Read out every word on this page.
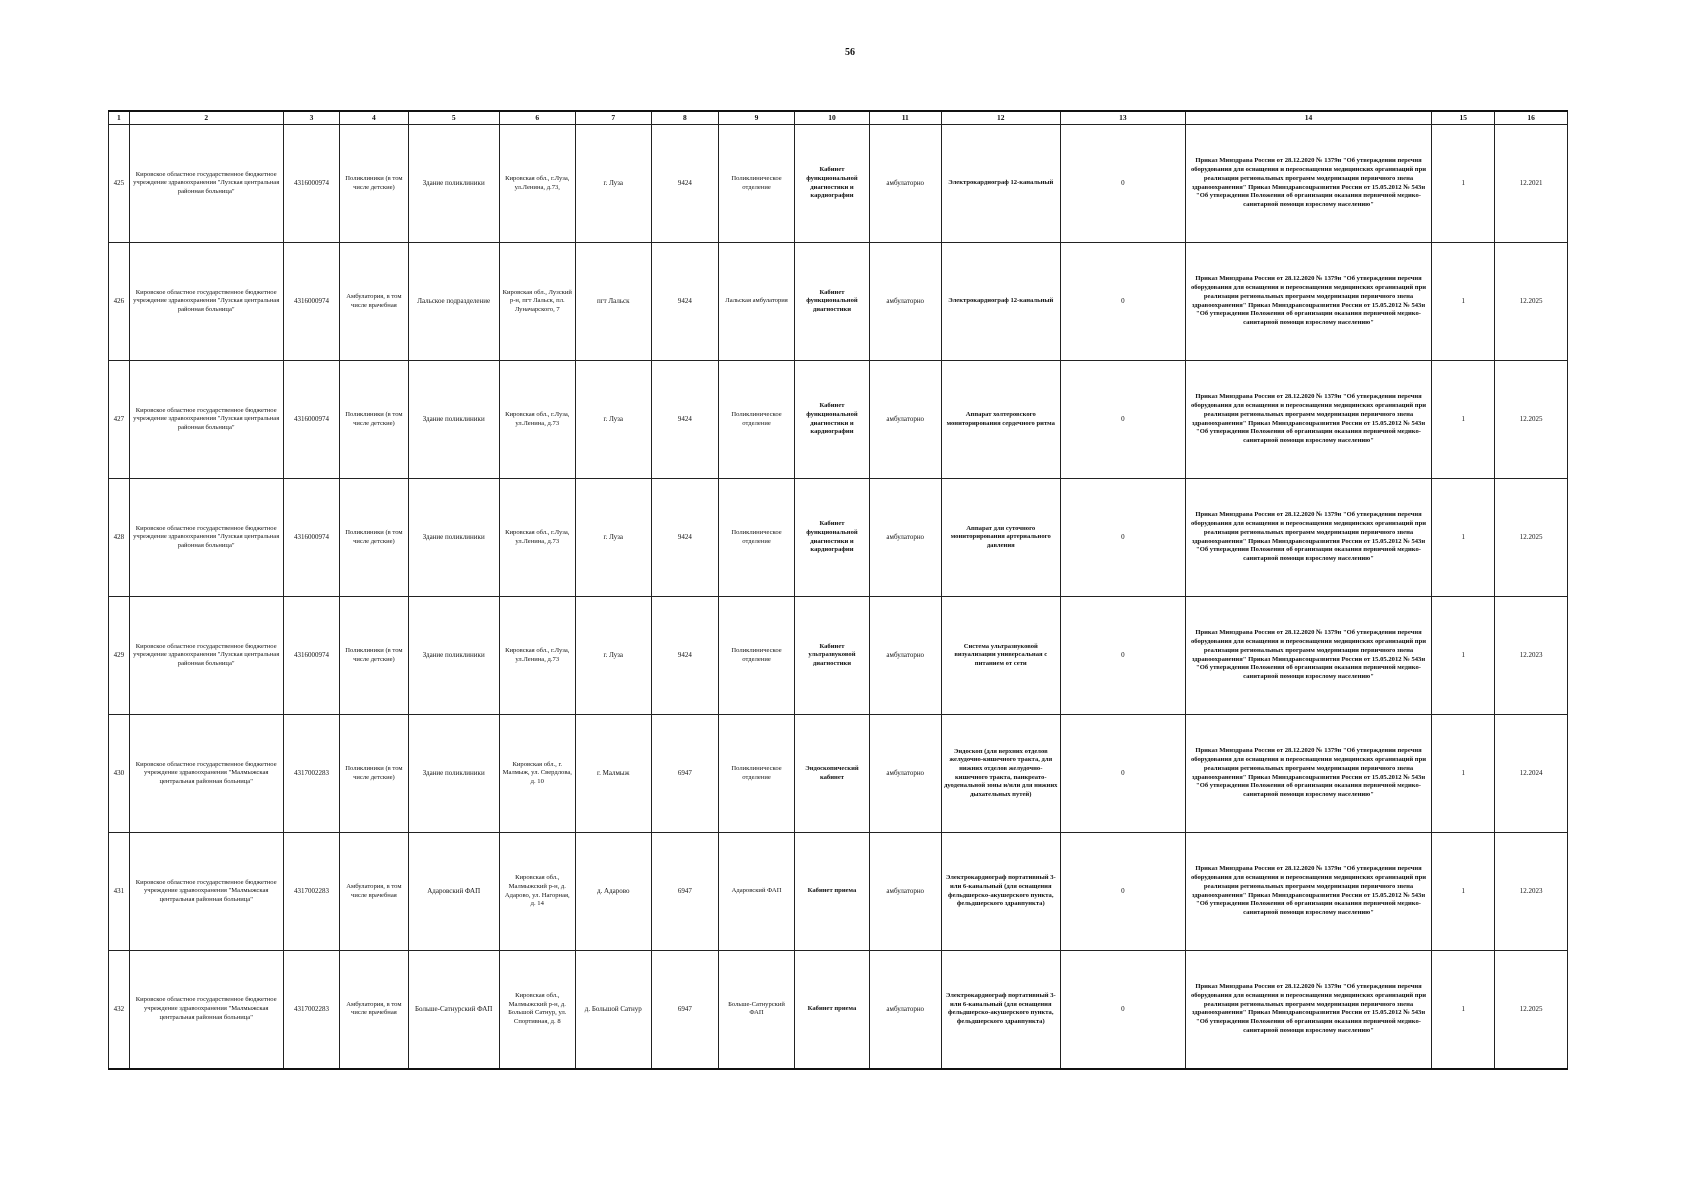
56
1	2	3	4	5	6	7	8	9	10	11	12	13	14	15	16
425	Кировское областное государственное бюджетное учреждение здравоохранения "Лузская центральная районная больница"	4316000974	Поликлиники (в том числе детские)	Здание поликлиники	Кировская обл., г.Луза, ул.Ленина, д.73,	г. Луза	9424	Поликлиническое отделение	Кабинет функциональной диагностики и кардиографии	амбулаторно	Электрокардиограф 12-канальный	0	Приказ Минздрава России от 28.12.2020 № 1379н "Об утверждении перечня оборудования для оснащения и переоснащения медицинских организаций при реализации региональных программ модернизации первичного звена здравоохранения" Приказ Минздравсоцразвития России от 15.05.2012 № 543н "Об утверждении Положения об организации оказания первичной медико-санитарной помощи взрослому населению"	1	12.2021
426	Кировское областное государственное бюджетное учреждение здравоохранения "Лузская центральная районная больница"	4316000974	Амбулатория, в том числе врачебная	Лальское подразделение	Кировская обл., Лузский р-н, пгт Лальск, пл. Луначарского, 7	пгт Лальск	9424	Лальская амбулатория	Кабинет функциональной диагностики	амбулаторно	Электрокардиограф 12-канальный	0	Приказ Минздрава России от 28.12.2020 № 1379н "Об утверждении перечня оборудования для оснащения и переоснащения медицинских организаций при реализации региональных программ модернизации первичного звена здравоохранения" Приказ Минздравсоцразвития России от 15.05.2012 № 543н "Об утверждении Положения об организации оказания первичной медико-санитарной помощи взрослому населению"	1	12.2025
427	Кировское областное государственное бюджетное учреждение здравоохранения "Лузская центральная районная больница"	4316000974	Поликлиники (в том числе детские)	Здание поликлиники	Кировская обл., г.Луза, ул.Ленина, д.73	г. Луза	9424	Поликлиническое отделение	Кабинет функциональной диагностики и кардиографии	амбулаторно	Аппарат холтеровского мониторирования сердечного ритма	0	Приказ Минздрава России от 28.12.2020 № 1379н "Об утверждении перечня оборудования для оснащения и переоснащения медицинских организаций при реализации региональных программ модернизации первичного звена здравоохранения" Приказ Минздравсоцразвития России от 15.05.2012 № 543н "Об утверждении Положения об организации оказания первичной медико-санитарной помощи взрослому населению"	1	12.2025
428	Кировское областное государственное бюджетное учреждение здравоохранения "Лузская центральная районная больница"	4316000974	Поликлиники (в том числе детские)	Здание поликлиники	Кировская обл., г.Луза, ул.Ленина, д.73	г. Луза	9424	Поликлиническое отделение	Кабинет функциональной диагностики и кардиографии	амбулаторно	Аппарат для суточного мониторирования артериального давления	0	Приказ Минздрава России от 28.12.2020 № 1379н "Об утверждении перечня оборудования для оснащения и переоснащения медицинских организаций при реализации региональных программ модернизации первичного звена здравоохранения" Приказ Минздравсоцразвития России от 15.05.2012 № 543н "Об утверждении Положения об организации оказания первичной медико-санитарной помощи взрослому населению"	1	12.2025
429	Кировское областное государственное бюджетное учреждение здравоохранения "Лузская центральная районная больница"	4316000974	Поликлиники (в том числе детские)	Здание поликлиники	Кировская обл., г.Луза, ул.Ленина, д.73	г. Луза	9424	Поликлиническое отделение	Кабинет ультразвуковой диагностики	амбулаторно	Система ультразвуковой визуализации универсальная с питанием от сети	0	Приказ Минздрава России от 28.12.2020 № 1379н "Об утверждении перечня оборудования для оснащения и переоснащения медицинских организаций при реализации региональных программ модернизации первичного звена здравоохранения" Приказ Минздравсоцразвития России от 15.05.2012 № 543н "Об утверждении Положения об организации оказания первичной медико-санитарной помощи взрослому населению"	1	12.2023
430	Кировское областное государственное бюджетное учреждение здравоохранения "Малмыжская центральная районная больница"	4317002283	Поликлиники (в том числе детские)	Здание поликлиники	Кировская обл., г. Малмыж, ул. Свердлова, д. 10	г. Малмыж	6947	Поликлиническое отделение	Эндоскопический кабинет	амбулаторно	Эндоскоп (для верхних отделов желудочно-кишечного тракта, для нижних отделов желудочно-кишечного тракта, панкреато-дуоденальной зоны и/или для нижних дыхательных путей)	0	Приказ Минздрава России от 28.12.2020 № 1379н "Об утверждении перечня оборудования для оснащения и переоснащения медицинских организаций при реализации региональных программ модернизации первичного звена здравоохранения" Приказ Минздравсоцразвития России от 15.05.2012 № 543н "Об утверждении Положения об организации оказания первичной медико-санитарной помощи взрослому населению"	1	12.2024
431	Кировское областное государственное бюджетное учреждение здравоохранения "Малмыжская центральная районная больница"	4317002283	Амбулатория, в том числе врачебная	Адаровский ФАП	Кировская обл., Малмыжский р-н, д. Адарово, ул. Нагорная, д. 14	д. Адарово	6947	Адаровский ФАП	Кабинет приема	амбулаторно	Электрокардиограф портативный 3- или 6-канальный (для оснащения фельдшерско-акушерского пункта, фельдшерского здравпункта)	0	Приказ Минздрава России от 28.12.2020 № 1379н "Об утверждении перечня оборудования для оснащения и переоснащения медицинских организаций при реализации региональных программ модернизации первичного звена здравоохранения" Приказ Минздравсоцразвития России от 15.05.2012 № 543н "Об утверждении Положения об организации оказания первичной медико-санитарной помощи взрослому населению"	1	12.2023
432	Кировское областное государственное бюджетное учреждение здравоохранения "Малмыжская центральная районная больница"	4317002283	Амбулатория, в том числе врачебная	Больше-Сатнурский ФАП	Кировская обл., Малмыжский р-н, д. Большой Сатнур, ул. Спортивная, д. 8	д. Большой Сатнур	6947	Больше-Сатнурский ФАП	Кабинет приема	амбулаторно	Электрокардиограф портативный 3- или 6-канальный (для оснащения фельдшерско-акушерского пункта, фельдшерского здравпункта)	0	Приказ Минздрава России от 28.12.2020 № 1379н "Об утверждении перечня оборудования для оснащения и переоснащения медицинских организаций при реализации региональных программ модернизации первичного звена здравоохранения" Приказ Минздравсоцразвития России от 15.05.2012 № 543н "Об утверждении Положения об организации оказания первичной медико-санитарной помощи взрослому населению"	1	12.2025
